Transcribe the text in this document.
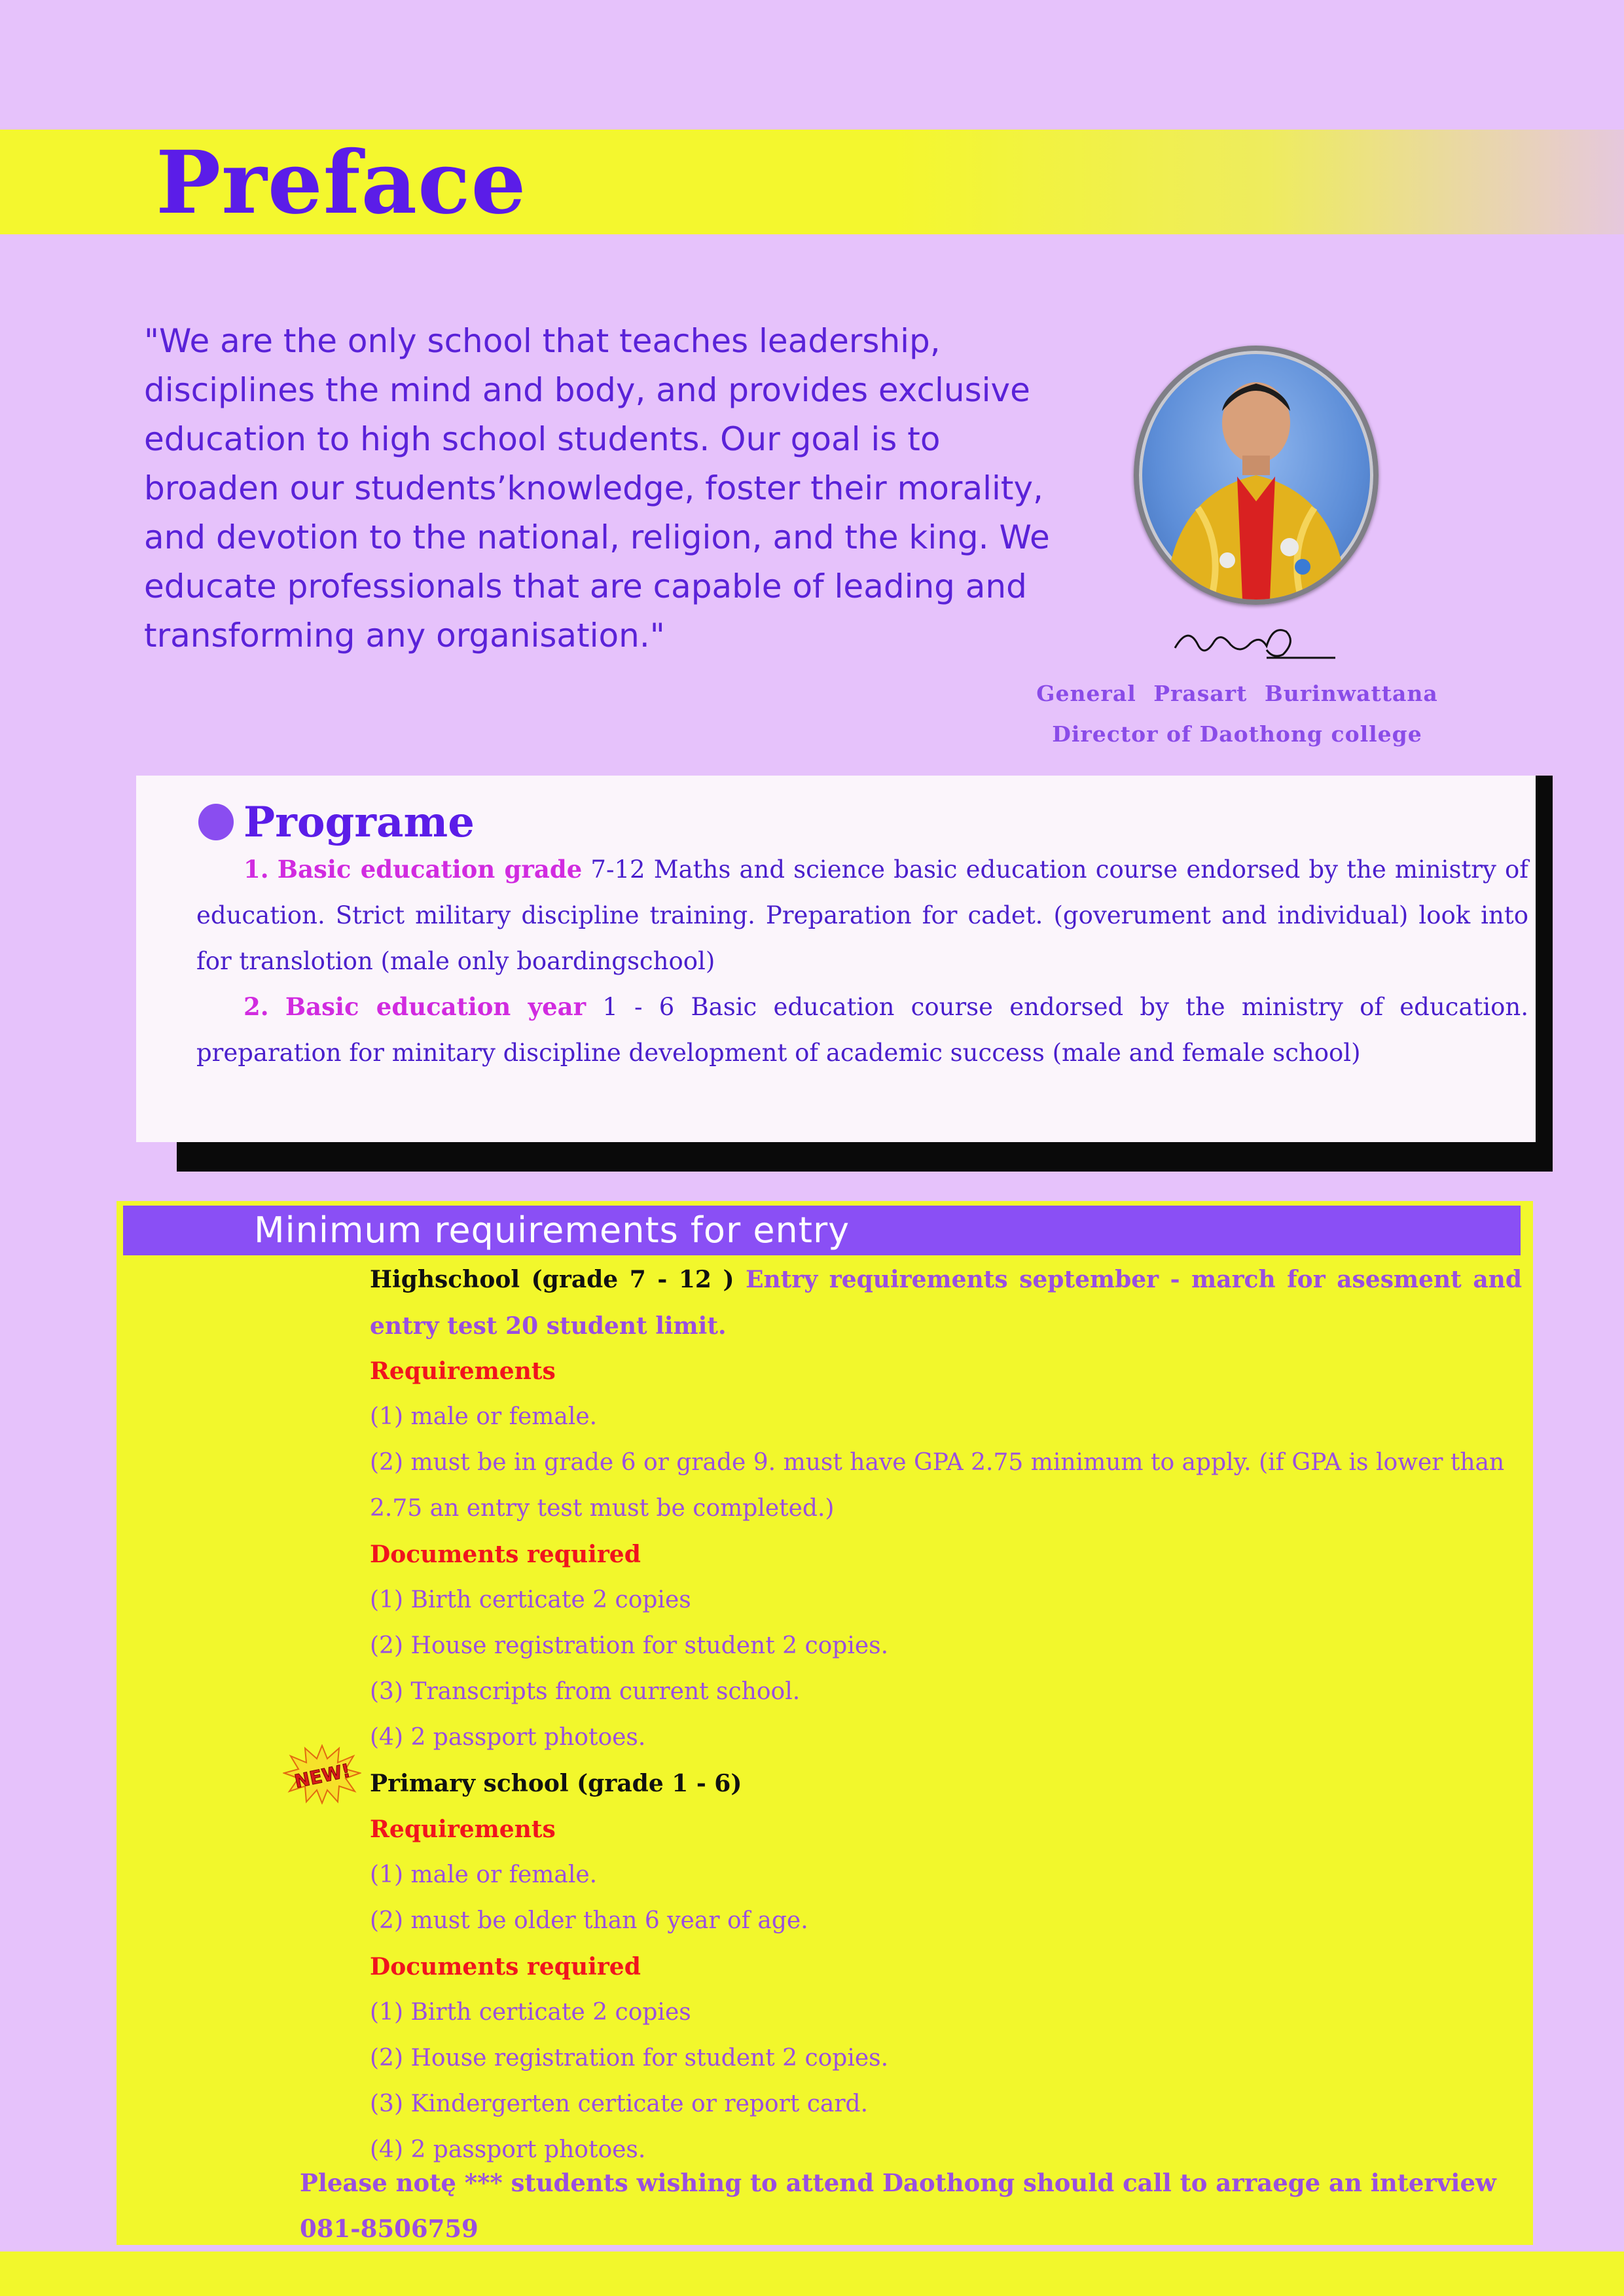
Preface
"We are the only school that teaches leadership, disciplines the mind and body, and provides exclusive education to high school students. Our goal is to broaden our students’knowledge, foster their morality, and devotion to the national, religion, and the king. We educate professionals that are capable of leading and transforming any organisation."
General Prasart Burinwattana
Director of Daothong college
Programe
1. Basic education grade 7-12 Maths and science basic education course endorsed by the ministry of education. Strict military discipline training. Preparation for cadet. (goverument and individual) look into for translotion (male only boardingschool)
2. Basic education year 1 - 6 Basic education course endorsed by the ministry of education. preparation for minitary discipline development of academic success (male and female school)
Minimum requirements for entry
Highschool (grade 7 - 12 ) Entry requirements september - march for asesment and entry test 20 student limit.
Requirements
(1) male or female.
(2) must be in grade 6 or grade 9. must have GPA 2.75 minimum to apply. (if GPA is lower than 2.75 an entry test must be completed.)
Documents required
(1) Birth certicate 2 copies
(2) House registration for student 2 copies.
(3) Transcripts from current school.
(4) 2 passport photoes.
NEW! Primary school (grade 1 - 6)
Requirements
(1) male or female.
(2) must be older than 6 year of age.
Documents required
(1) Birth certicate 2 copies
(2) House registration for student 2 copies.
(3) Kindergerten certicate or report card.
(4) 2 passport photoes.
Please notę *** students wishing to attend Daothong should call to arraege an interview 081-8506759
